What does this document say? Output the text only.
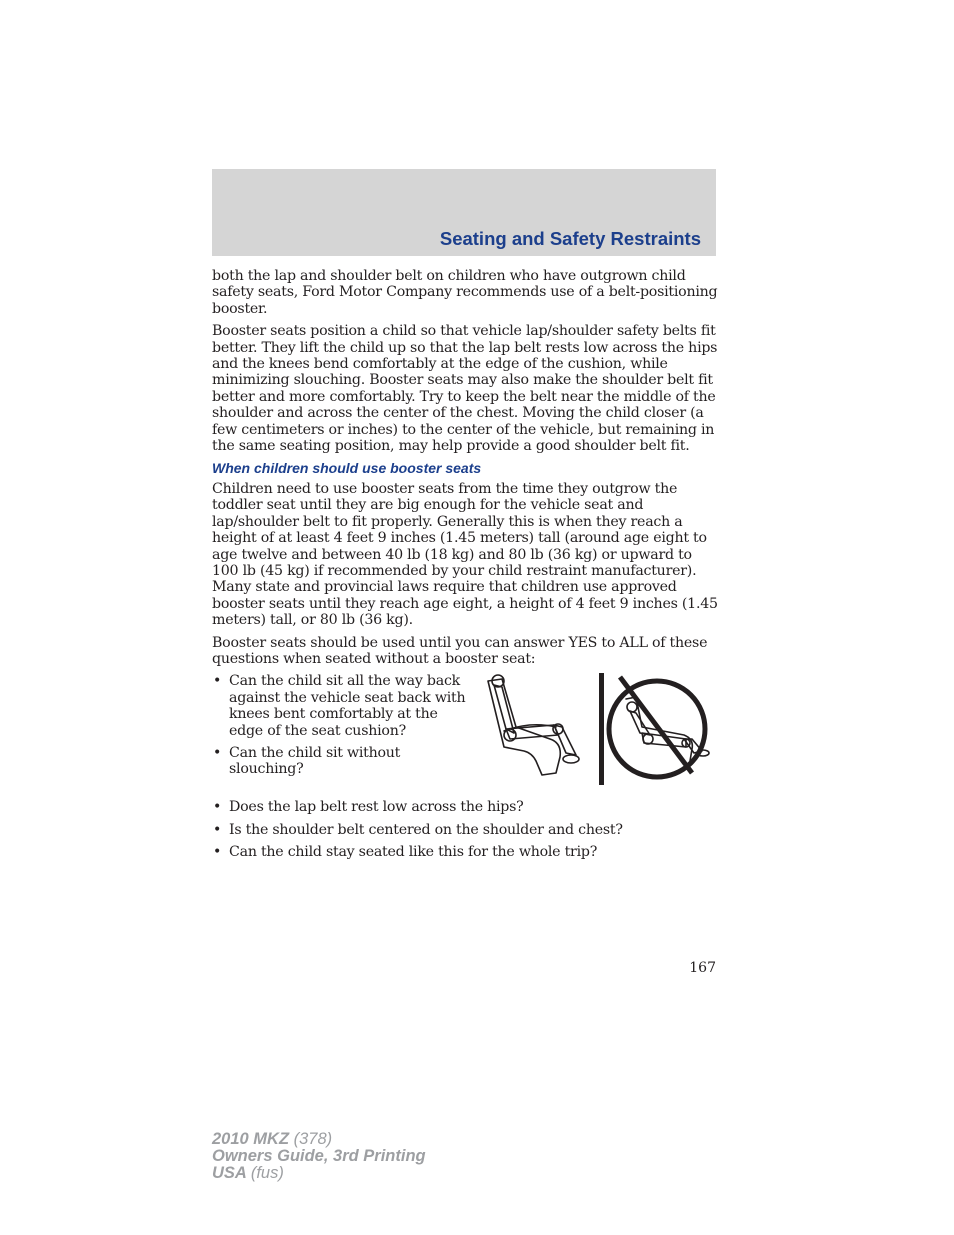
Seating and Safety Restraints

both the lap and shoulder belt on children who have outgrown child safety seats, Ford Motor Company recommends use of a belt-positioning booster.

Booster seats position a child so that vehicle lap/shoulder safety belts fit better. They lift the child up so that the lap belt rests low across the hips and the knees bend comfortably at the edge of the cushion, while minimizing slouching. Booster seats may also make the shoulder belt fit better and more comfortably. Try to keep the belt near the middle of the shoulder and across the center of the chest. Moving the child closer (a few centimeters or inches) to the center of the vehicle, but remaining in the same seating position, may help provide a good shoulder belt fit.

When children should use booster seats

Children need to use booster seats from the time they outgrow the toddler seat until they are big enough for the vehicle seat and lap/shoulder belt to fit properly. Generally this is when they reach a height of at least 4 feet 9 inches (1.45 meters) tall (around age eight to age twelve and between 40 lb (18 kg) and 80 lb (36 kg) or upward to 100 lb (45 kg) if recommended by your child restraint manufacturer). Many state and provincial laws require that children use approved booster seats until they reach age eight, a height of 4 feet 9 inches (1.45 meters) tall, or 80 lb (36 kg).

Booster seats should be used until you can answer YES to ALL of these questions when seated without a booster seat:

• Can the child sit all the way back against the vehicle seat back with knees bent comfortably at the edge of the seat cushion?
• Can the child sit without slouching?
• Does the lap belt rest low across the hips?
• Is the shoulder belt centered on the shoulder and chest?
• Can the child stay seated like this for the whole trip?
167
2010 MKZ (378)
Owners Guide, 3rd Printing
USA (fus)
